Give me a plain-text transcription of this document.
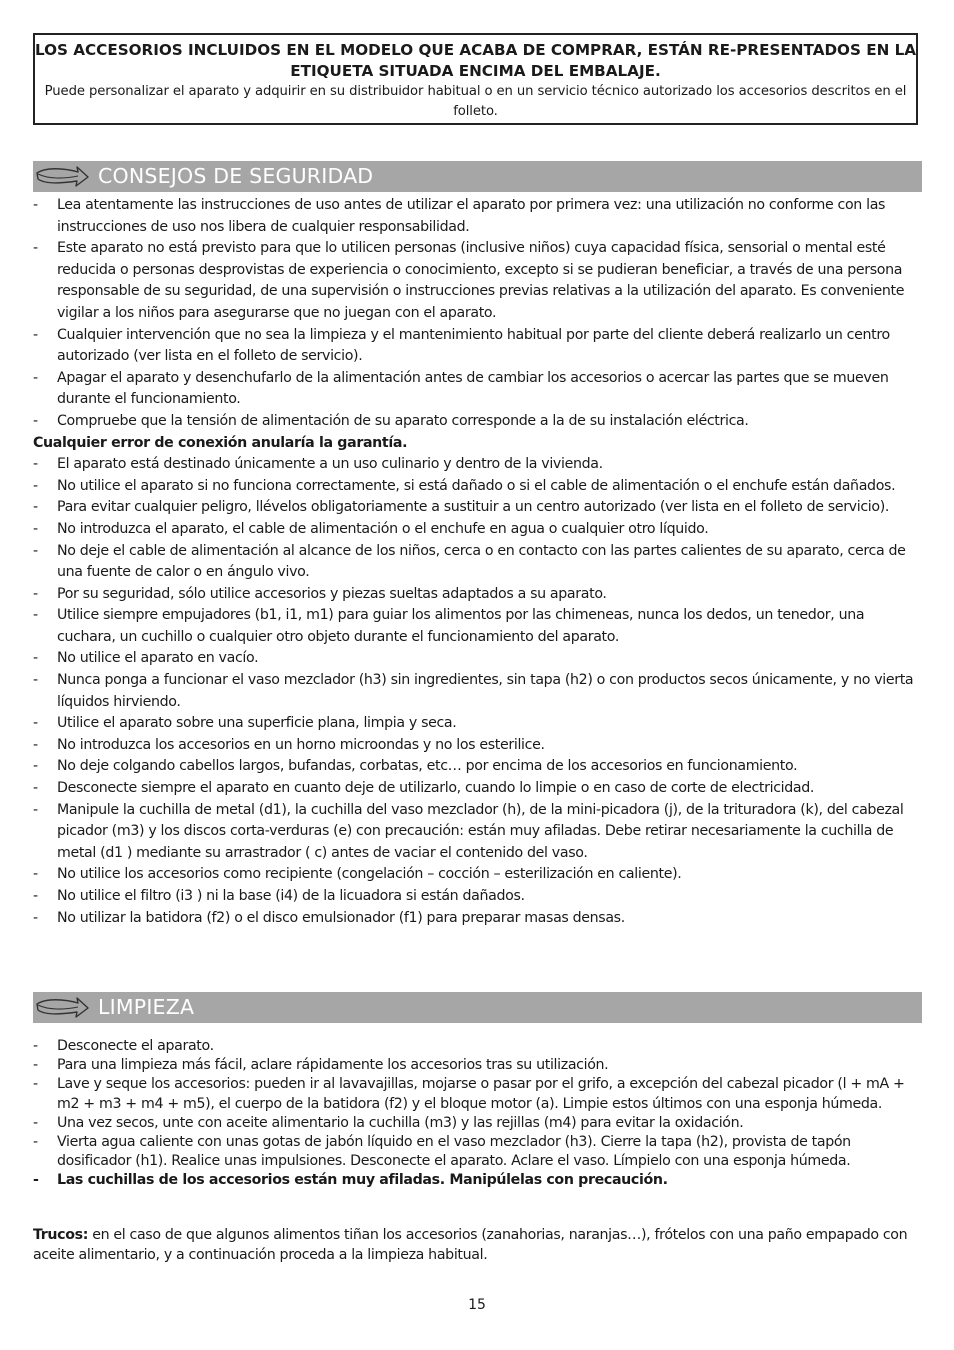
LOS ACCESORIOS INCLUIDOS EN EL MODELO QUE ACABA DE COMPRAR, ESTÁN RE-PRESENTADOS EN LA ETIQUETA SITUADA ENCIMA DEL EMBALAJE.
Puede personalizar el aparato y adquirir en su distribuidor habitual o en un servicio técnico autorizado los accesorios descritos en el folleto.
CONSEJOS DE SEGURIDAD
- Lea atentamente las instrucciones de uso antes de utilizar el aparato por primera vez: una utilización no conforme con las instrucciones de uso nos libera de cualquier responsabilidad.
- Este aparato no está previsto para que lo utilicen personas (inclusive niños) cuya capacidad física, sensorial o mental esté reducida o personas desprovistas de experiencia o conocimiento, excepto si se pudieran beneficiar, a través de una persona responsable de su seguridad, de una supervisión o instrucciones previas relativas a la utilización del aparato. Es conveniente vigilar a los niños para asegurarse que no juegan con el aparato.
- Cualquier intervención que no sea la limpieza y el mantenimiento habitual por parte del cliente deberá realizarlo un centro autorizado (ver lista en el folleto de servicio).
- Apagar el aparato y desenchufarlo de la alimentación antes de cambiar los accesorios o acercar las partes que se mueven durante el funcionamiento.
- Compruebe que la tensión de alimentación de su aparato corresponde a la de su instalación eléctrica.
Cualquier error de conexión anularía la garantía.
- El aparato está destinado únicamente a un uso culinario y dentro de la vivienda.
- No utilice el aparato si no funciona correctamente, si está dañado o si el cable de alimentación o el enchufe están dañados.
- Para evitar cualquier peligro, llévelos obligatoriamente a sustituir a un centro autorizado (ver lista en el folleto de servicio).
- No introduzca el aparato, el cable de alimentación o el enchufe en agua o cualquier otro líquido.
- No deje el cable de alimentación al alcance de los niños, cerca o en contacto con las partes calientes de su aparato, cerca de una fuente de calor o en ángulo vivo.
- Por su seguridad, sólo utilice accesorios y piezas sueltas adaptados a su aparato.
- Utilice siempre empujadores (b1, i1, m1) para guiar los alimentos por las chimeneas, nunca los dedos, un tenedor, una cuchara, un cuchillo o cualquier otro objeto durante el funcionamiento del aparato.
- No utilice el aparato en vacío.
- Nunca ponga a funcionar el vaso mezclador (h3) sin ingredientes, sin tapa (h2) o con productos secos únicamente, y no vierta líquidos hirviendo.
- Utilice el aparato sobre una superficie plana, limpia y seca.
- No introduzca los accesorios en un horno microondas y no los esterilice.
- No deje colgando cabellos largos, bufandas, corbatas, etc… por encima de los accesorios en funcionamiento.
- Desconecte siempre el aparato en cuanto deje de utilizarlo, cuando lo limpie o en caso de corte de electricidad.
- Manipule la cuchilla de metal (d1), la cuchilla del vaso mezclador (h), de la mini-picadora (j), de la trituradora (k), del cabezal picador (m3) y los discos corta-verduras (e) con precaución: están muy afiladas. Debe retirar necesariamente la cuchilla de metal (d1 ) mediante su arrastrador ( c) antes de vaciar el contenido del vaso.
- No utilice los accesorios como recipiente (congelación – cocción – esterilización en caliente).
- No utilice el filtro (i3 ) ni la base (i4) de la licuadora si están dañados.
- No utilizar la batidora (f2) o el disco emulsionador (f1) para preparar masas densas.
LIMPIEZA
- Desconecte el aparato.
- Para una limpieza más fácil, aclare rápidamente los accesorios tras su utilización.
- Lave y seque los accesorios: pueden ir al lavavajillas, mojarse o pasar por el grifo, a excepción del cabezal picador (l + mA + m2 + m3 + m4 + m5), el cuerpo de la batidora (f2) y el bloque motor (a). Limpie estos últimos con una esponja húmeda.
- Una vez secos, unte con aceite alimentario la cuchilla (m3) y las rejillas (m4) para evitar la oxidación.
- Vierta agua caliente con unas gotas de jabón líquido en el vaso mezclador (h3). Cierre la tapa (h2), provista de tapón dosificador (h1). Realice unas impulsiones. Desconecte el aparato. Aclare el vaso. Límpielo con una esponja húmeda.
- Las cuchillas de los accesorios están muy afiladas. Manipúlelas con precaución.

Trucos: en el caso de que algunos alimentos tiñan los accesorios (zanahorias, naranjas…), frótelos con una paño empapado con aceite alimentario, y a continuación proceda a la limpieza habitual.

15
